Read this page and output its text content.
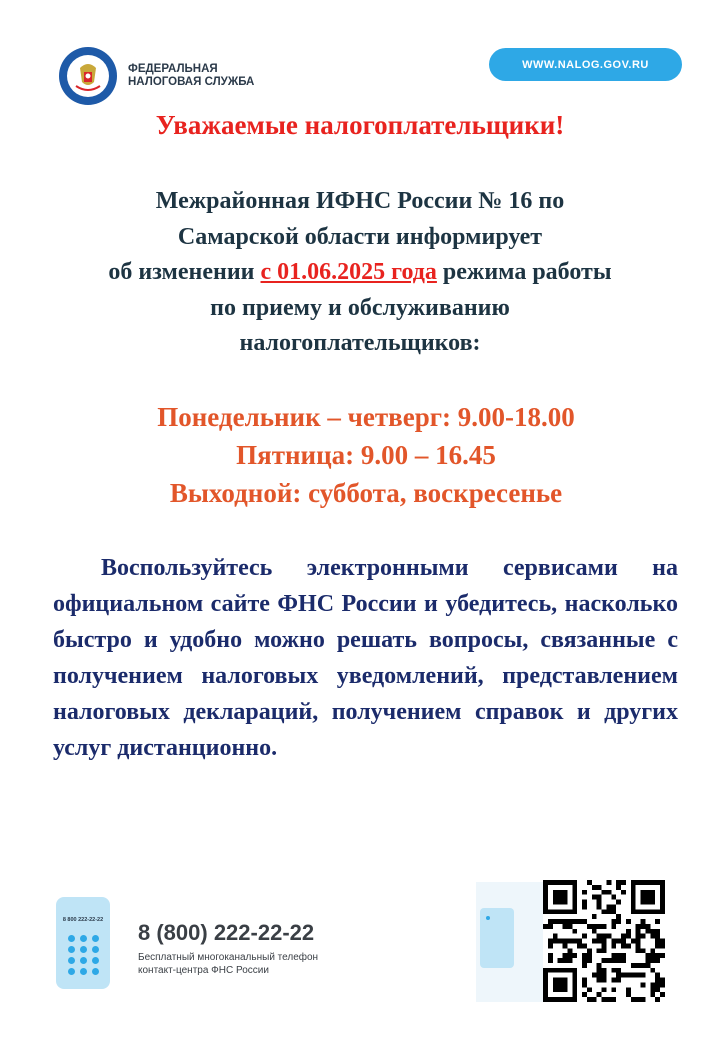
ФЕДЕРАЛЬНАЯ
НАЛОГОВАЯ СЛУЖБА
WWW.NALOG.GOV.RU
Уважаемые налогоплательщики!
Межрайонная ИФНС России № 16 по
Самарской области информирует
об изменении с 01.06.2025 года режима работы
по приему и обслуживанию
налогоплательщиков:
Понедельник – четверг: 9.00-18.00
Пятница: 9.00 – 16.45
Выходной: суббота, воскресенье
Воспользуйтесь электронными сервисами на официальном сайте ФНС России и убедитесь, насколько быстро и удобно можно решать вопросы, связанные с получением налоговых уведомлений, представлением налоговых деклараций, получением справок и других услуг дистанционно.
8 800 222-22-22	8 (800) 222-22-22
Бесплатный многоканальный телефон
контакт-центра ФНС России
